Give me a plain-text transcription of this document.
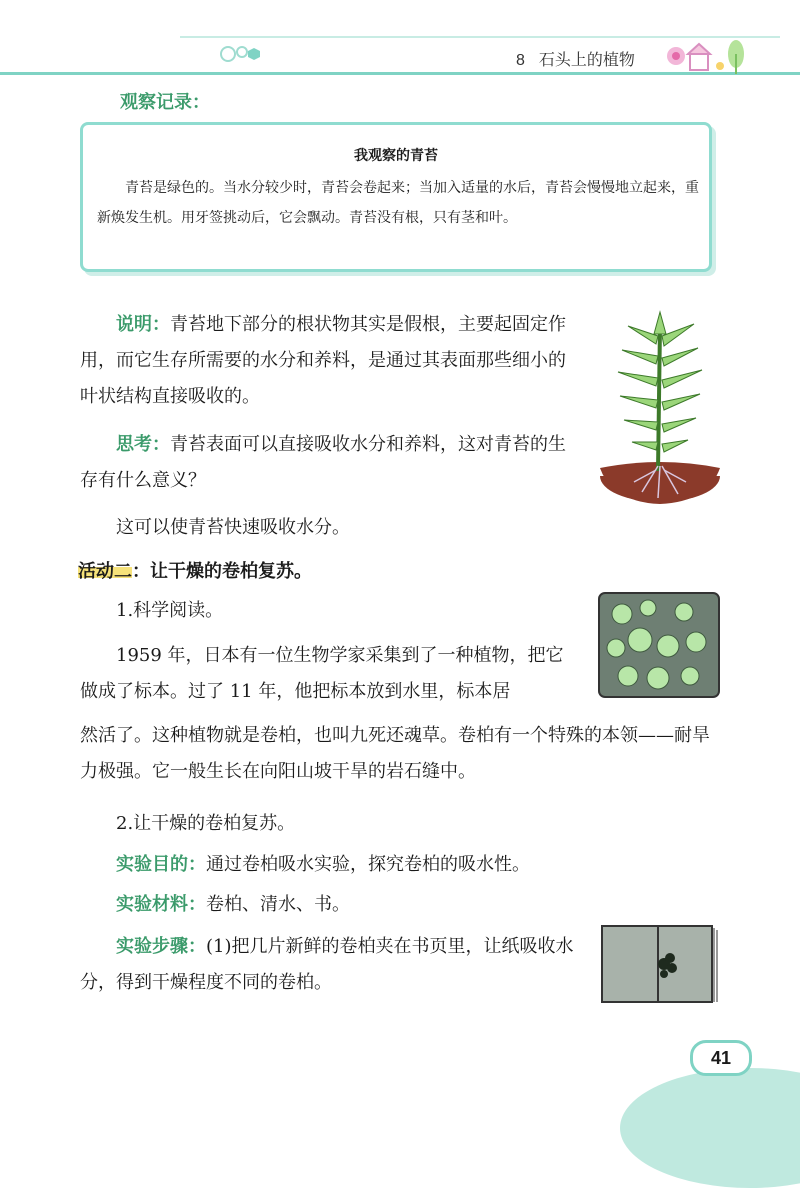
8 石头上的植物
观察记录：
我观察的青苔
青苔是绿色的。当水分较少时，青苔会卷起来；当加入适量的水后，青苔会慢慢地立起来，重新焕发生机。用牙签挑动后，它会飘动。青苔没有根，只有茎和叶。
说明：青苔地下部分的根状物其实是假根，主要起固定作用，而它生存所需要的水分和养料，是通过其表面那些细小的叶状结构直接吸收的。
思考：青苔表面可以直接吸收水分和养料，这对青苔的生存有什么意义？
这可以使青苔快速吸收水分。
活动二：让干燥的卷柏复苏。
1.科学阅读。
1959 年，日本有一位生物学家采集到了一种植物，把它做成了标本。过了 11 年，他把标本放到水里，标本居
然活了。这种植物就是卷柏，也叫九死还魂草。卷柏有一个特殊的本领——耐旱力极强。它一般生长在向阳山坡干旱的岩石缝中。
2.让干燥的卷柏复苏。
实验目的：通过卷柏吸水实验，探究卷柏的吸水性。
实验材料：卷柏、清水、书。
实验步骤：(1)把几片新鲜的卷柏夹在书页里，让纸吸收水分，得到干燥程度不同的卷柏。
41
